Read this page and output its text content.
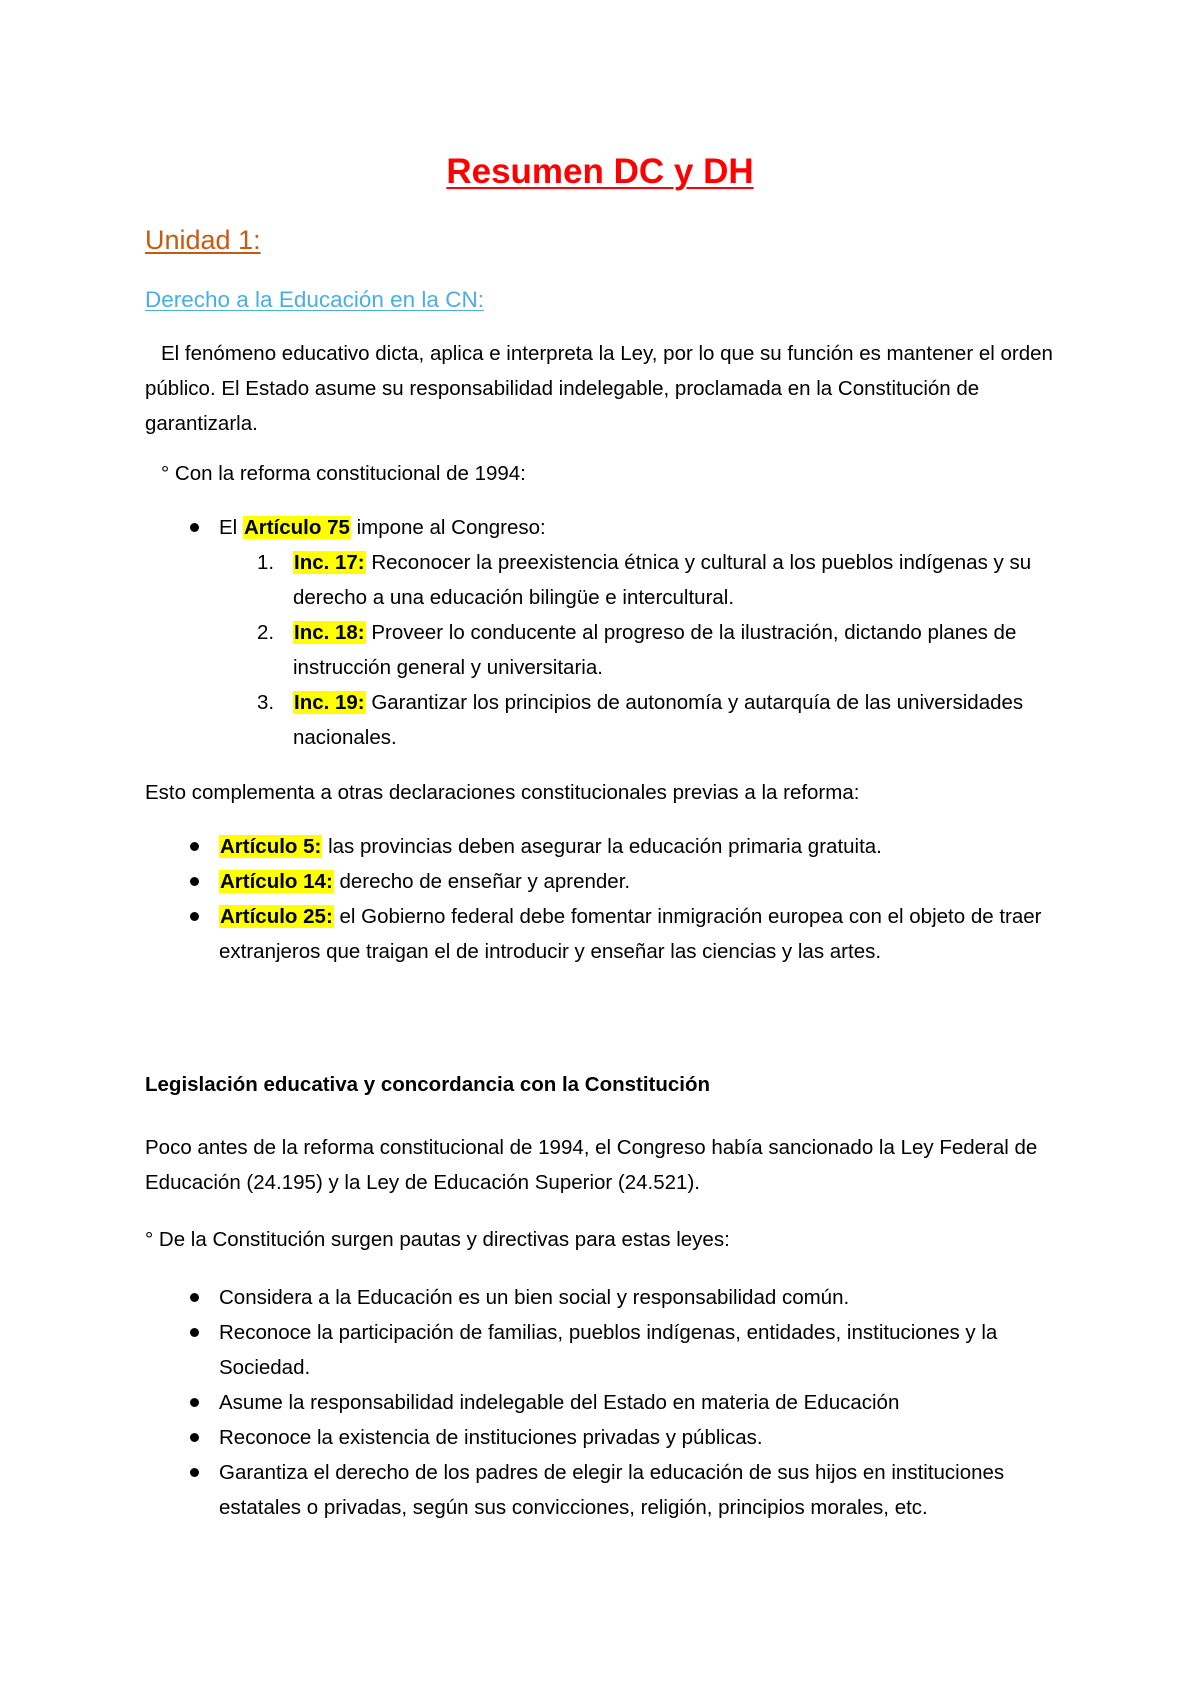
Resumen DC y DH
Unidad 1:
Derecho a la Educación en la CN:

El fenómeno educativo dicta, aplica e interpreta la Ley, por lo que su función es mantener el orden público. El Estado asume su responsabilidad indelegable, proclamada en la Constitución de garantizarla.

° Con la reforma constitucional de 1994:
El Artículo 75 impone al Congreso:
1. Inc. 17: Reconocer la preexistencia étnica y cultural a los pueblos indígenas y su derecho a una educación bilingüe e intercultural.
2. Inc. 18: Proveer lo conducente al progreso de la ilustración, dictando planes de instrucción general y universitaria.
3. Inc. 19: Garantizar los principios de autonomía y autarquía de las universidades nacionales.
Esto complementa a otras declaraciones constitucionales previas a la reforma:
Artículo 5: las provincias deben asegurar la educación primaria gratuita.
Artículo 14: derecho de enseñar y aprender.
Artículo 25: el Gobierno federal debe fomentar inmigración europea con el objeto de traer extranjeros que traigan el de introducir y enseñar las ciencias y las artes.
Legislación educativa y concordancia con la Constitución

Poco antes de la reforma constitucional de 1994, el Congreso había sancionado la Ley Federal de Educación (24.195) y la Ley de Educación Superior (24.521).

° De la Constitución surgen pautas y directivas para estas leyes:
Considera a la Educación es un bien social y responsabilidad común.
Reconoce la participación de familias, pueblos indígenas, entidades, instituciones y la Sociedad.
Asume la responsabilidad indelegable del Estado en materia de Educación
Reconoce la existencia de instituciones privadas y públicas.
Garantiza el derecho de los padres de elegir la educación de sus hijos en instituciones estatales o privadas, según sus convicciones, religión, principios morales, etc.
